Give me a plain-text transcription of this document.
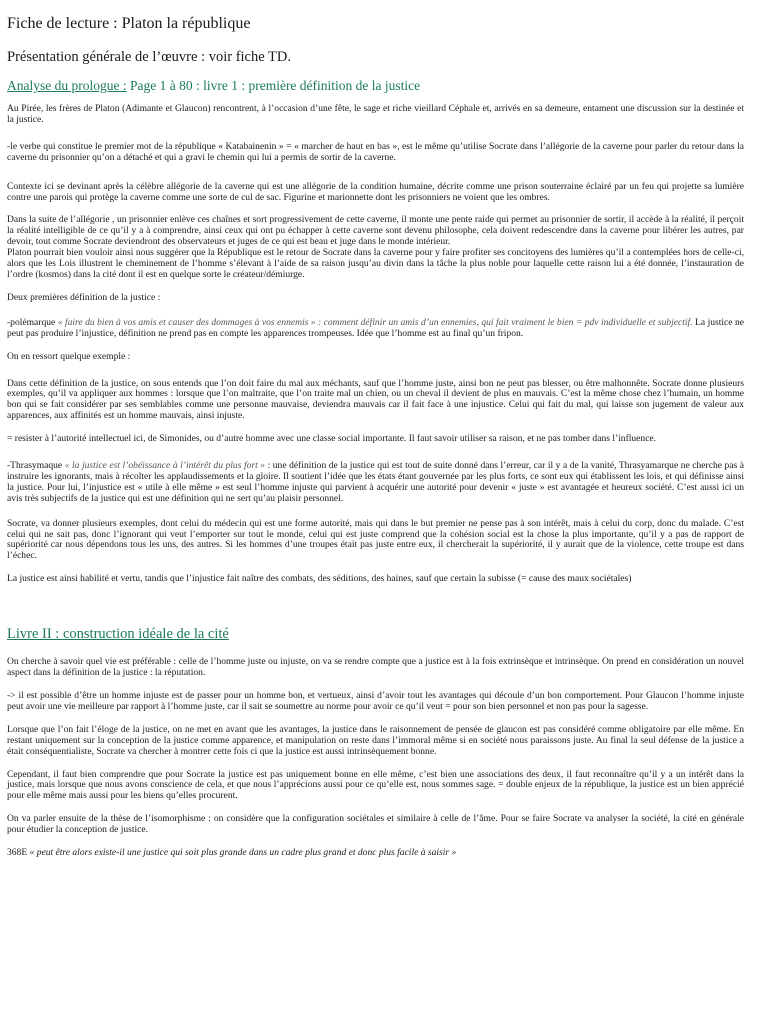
Fiche de lecture : Platon la république
Présentation générale de l’œuvre : voir fiche TD.
Analyse du prologue : Page 1 à 80 : livre 1 : première définition de la justice

Au Pirée, les frères de Platon (Adimante et Glaucon) rencontrent, à l’occasion d’une fête, le sage et riche vieillard Céphale et, arrivés en sa demeure, entament une discussion sur la destinée et la justice.

-le verbe qui constitue le premier mot de la république « Katabainenin » = « marcher de haut en bas », est le même qu’utilise Socrate dans l’allégorie de la caverne pour parler du retour dans la caverne du prisonnier qu’on a détaché et qui a gravi le chemin qui lui a permis de sortir de la caverne.

Contexte ici se devinant après la célèbre allégorie de la caverne qui est une allégorie de la condition humaine, décrite comme une prison souterraine éclairé par un feu qui projette sa lumière contre une parois qui protège la caverne comme une sorte de cul de sac. Figurine et marionnette dont les prisonniers ne voient que les ombres.

Dans la suite de l’allégorie , un prisonnier enlève ces chaînes et sort progressivement de cette caverne, il monte une pente raide qui permet au prisonnier de sortir, il accède à la réalité, il perçoit la réalité intelligible de ce qu’il y a à comprendre, ainsi ceux qui ont pu échapper à cette caverne sont devenu philosophe, cela doivent redescendre dans la caverne pour libérer les autres, par devoir, tout comme Socrate deviendront des observateurs et juges de ce qui est beau et juge dans le monde intérieur.

Platon pourrait bien vouloir ainsi nous suggérer que la République est le retour de Socrate dans la caverne pour y faire profiter ses concitoyens des lumières qu’il a contemplées hors de celle-ci, alors que les Lois illustrent le cheminement de l’homme s’élevant à l’aide de sa raison jusqu’au divin dans la tâche la plus noble pour laquelle cette raison lui a été donnée, l’instauration de l’ordre (kosmos) dans la cité dont il est en quelque sorte le créateur/démiurge.

Deux premières définition de la justice :

-polémarque « faire du bien à vos amis et causer des dommages à vos ennemis » : comment définir un amis d’un ennemies, qui fait vraiment le bien = pdv individuelle et subjectif. La justice ne peut pas produire l’injustice, définition ne prend pas en compte les apparences trompeuses. Idée que l’homme est au final qu’un fripon.

On en ressort quelque exemple :

Dans cette définition de la justice, on sous entends que l’on doit faire du mal aux méchants, sauf que l’homme juste, ainsi bon ne peut pas blesser, ou être malhonnête. Socrate donne plusieurs exemples, qu’il va appliquer aux hommes : lorsque que l’on maltraite, que l’on traite mal un chien, ou un cheval il devient de plus en mauvais. C’est la même chose chez l’humain, un homme bon qui se fait considérer par ses semblables comme une personne mauvaise, deviendra mauvais car il fait face à une injustice. Celui qui fait du mal, qui laisse son jugement de valeur aux apparences, aux affinités est un homme mauvais, ainsi injuste.

= resister à l’autorité intellectuel ici, de Simonides, ou d’autre homme avec une classe social importante. Il faut savoir utiliser sa raison, et ne pas tomber dans l’influence.

-Thrasymaque « la justice est l’obéissance à l’intérêt du plus fort » : une définition de la justice qui est tout de suite donné dans l’erreur, car il y a de la vanité, Thrasyamarque ne cherche pas à instruire les ignorants, mais à récolter les applaudissements et la gloire. Il soutient l’idée que les états étant gouvernée par les plus forts, ce sont eux qui établissent les lois, et qui définisse ainsi la justice. Pour lui, l’injustice est « utile à elle même » est seul l’homme injuste qui parvient à acquérir une autorité pour devenir « juste » est avantagée et heureux société. C’est aussi ici un avis très subjectifs de la justice qui est une définition qui ne sert qu’au plaisir personnel.

Socrate, va donner plusieurs exemples, dont celui du médecin qui est une forme autorité, mais qui dans le but premier ne pense pas à son intérêt, mais à celui du corp, donc du malade. C’est celui qui ne sait pas, donc l’ignorant qui veut l’emporter sur tout le monde, celui qui est juste comprend que la cohésion social est la chose la plus importante, qu’il y a pas de rapport de supériorité car nous dépendons tous les uns, des autres. Si les hommes d’une troupes était pas juste entre eux, il chercherait la supériorité, il y aurait que de la violence, cette troupe est dans l’échec.

La justice est ainsi habilité et vertu, tandis que l’injustice fait naître des combats, des séditions, des haines, sauf que certain la subisse (= cause des maux sociétales)

Livre II : construction idéale de la cité

On cherche à savoir quel vie est préférable : celle de l’homme juste ou injuste, on va se rendre compte que a justice est à la fois extrinsèque et intrinsèque. On prend en considération un nouvel aspect dans la définition de la justice : la réputation.

-> il est possible d’être un homme injuste est de passer pour un homme bon, et vertueux, ainsi d’avoir tout les avantages qui découle d’un bon comportement. Pour Glaucon l’homme injuste peut avoir une vie meilleure par rapport à l’homme juste, car il sait se soumettre au norme pour avoir ce qu’il veut = pour son bien personnel et non pas pour la sagesse.

Lorsque que l’on fait l’éloge de la justice, on ne met en avant que les avantages, la justice dans le raisonnement de pensée de glaucon est pas considéré comme obligatoire par elle même. En restant uniquement sur la conception de la justice comme apparence, et manipulation on reste dans l’immoral même si en société nous paraissons juste. Au final la seul défense de la justice a était conséquentialiste, Socrate va chercher à montrer cette fois ci que la justice est aussi intrinsèquement bonne.

Cependant, il faut bien comprendre que pour Socrate la justice est pas uniquement bonne en elle même, c’est bien une associations des deux, il faut reconnaître qu’il y a un intérêt dans la justice, mais lorsque que nous avons conscience de cela, et que nous l’apprécions aussi pour ce qu’elle est, nous sommes sage. = double enjeux de la république, la justice est un bien apprécié pour elle même mais aussi pour les biens qu’elles procurent.

On va parler ensuite de la thèse de l’isomorphisme : on considère que la configuration sociétales et similaire à celle de l’âme. Pour se faire Socrate va analyser la société, la cité en générale pour étudier la conception de justice.

368E « peut être alors existe-il une justice qui soit plus grande dans un cadre plus grand et donc plus facile à saisir »
